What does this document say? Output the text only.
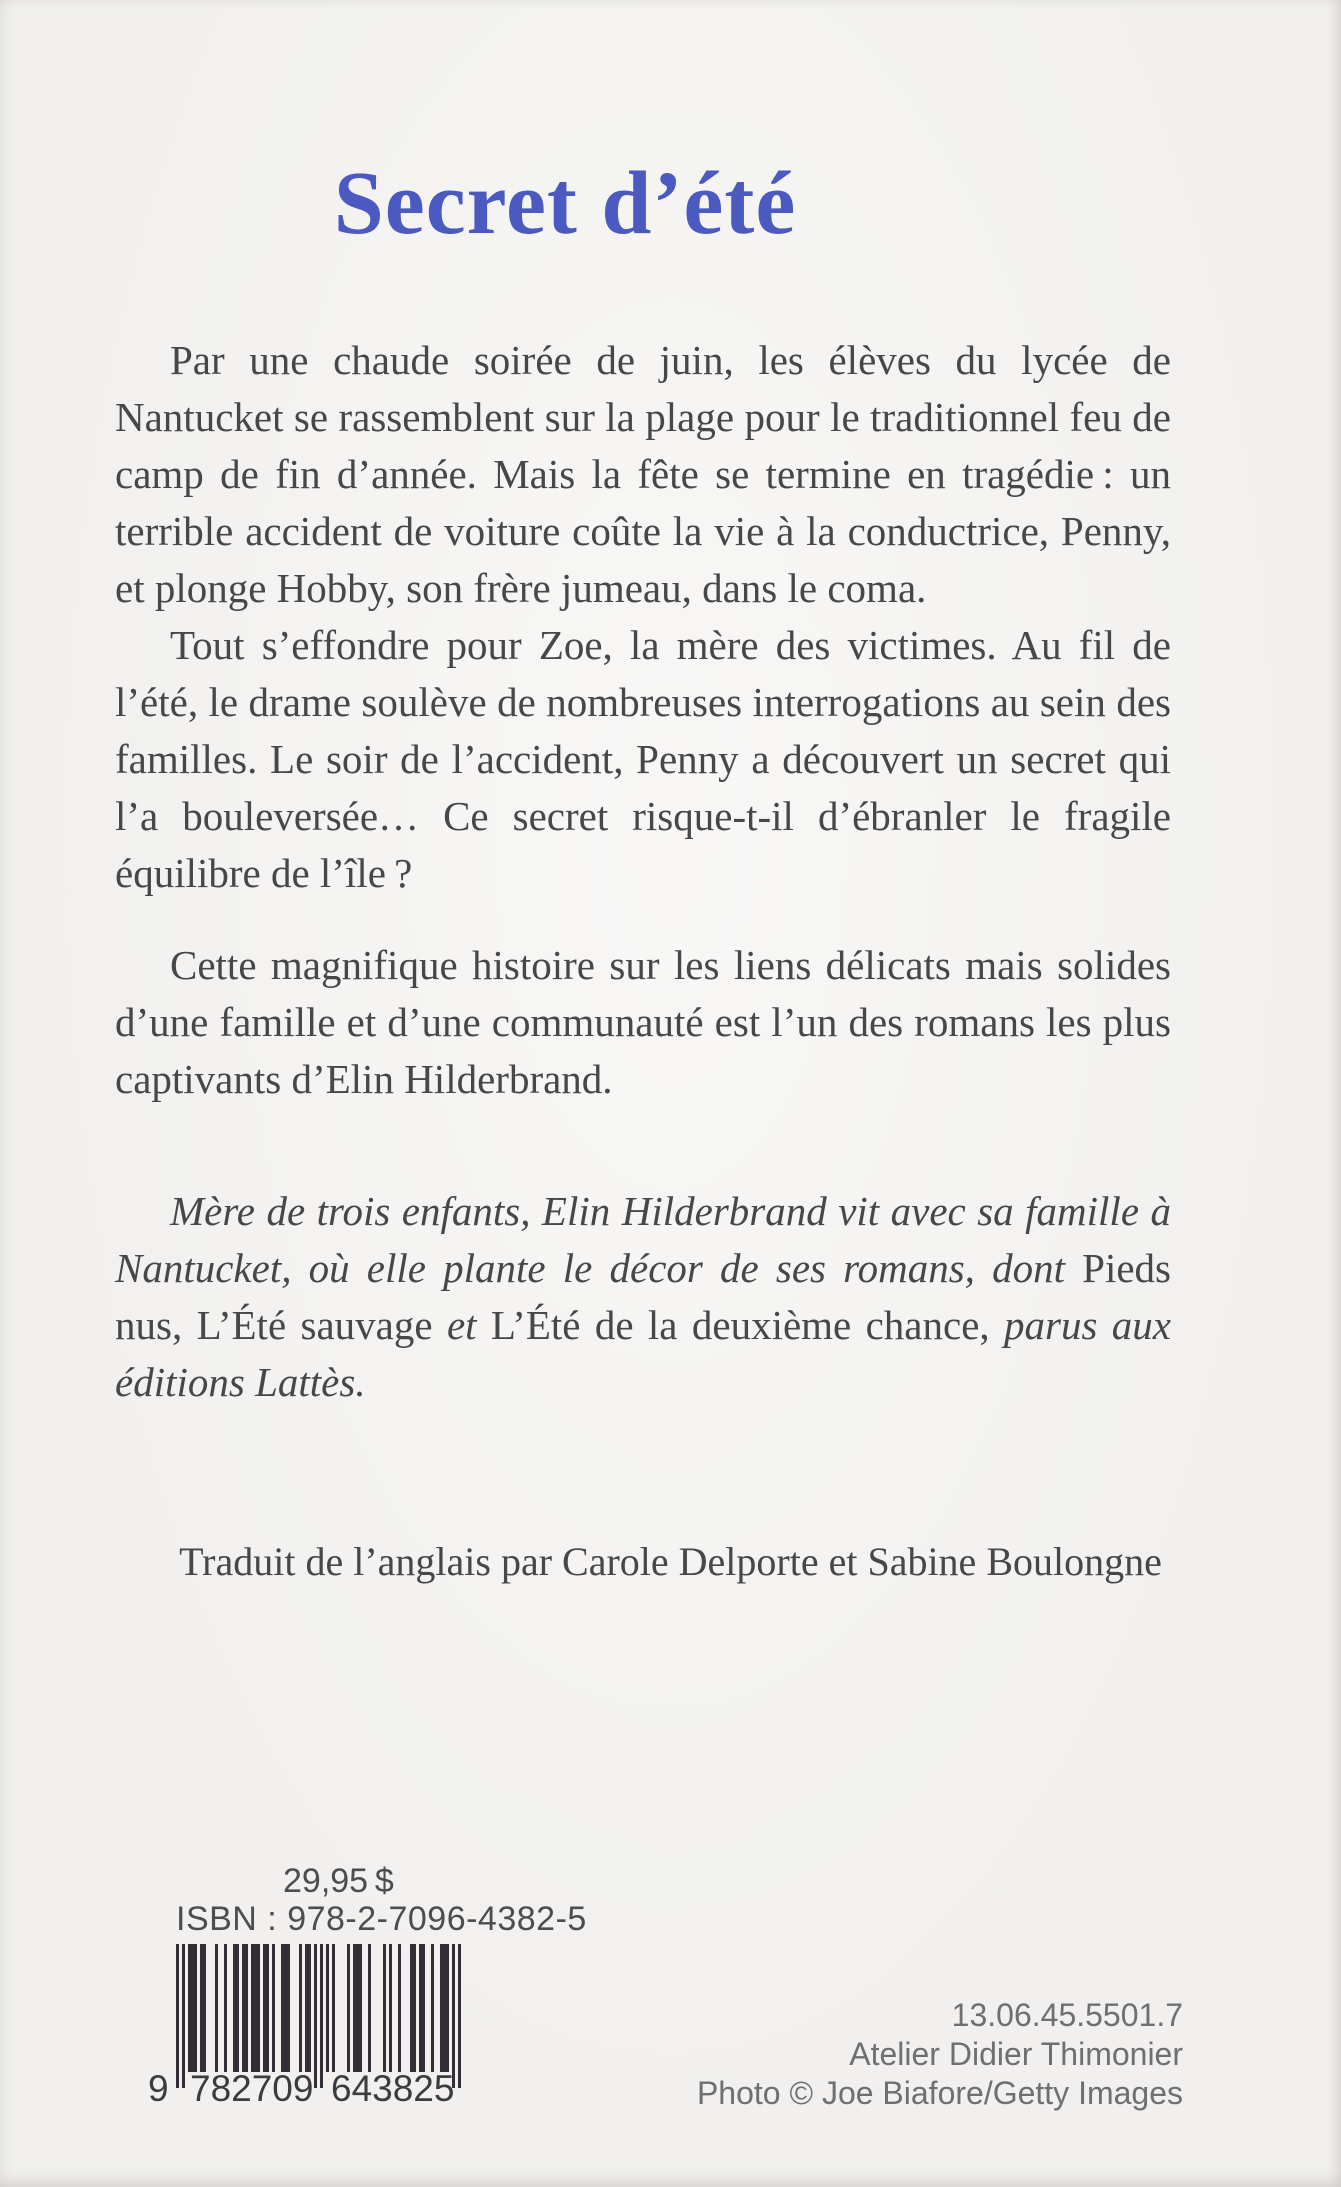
Secret d’été

Par une chaude soirée de juin, les élèves du lycée de Nantucket se rassemblent sur la plage pour le traditionnel feu de camp de fin d’année. Mais la fête se termine en tragédie : un terrible accident de voiture coûte la vie à la conductrice, Penny, et plonge Hobby, son frère jumeau, dans le coma.

Tout s’effondre pour Zoe, la mère des victimes. Au fil de l’été, le drame soulève de nombreuses interrogations au sein des familles. Le soir de l’accident, Penny a découvert un secret qui l’a bouleversée… Ce secret risque-t-il d’ébranler le fragile équilibre de l’île ?

Cette magnifique histoire sur les liens délicats mais solides d’une famille et d’une communauté est l’un des romans les plus captivants d’Elin Hilderbrand.

Mère de trois enfants, Elin Hilderbrand vit avec sa famille à Nantucket, où elle plante le décor de ses romans, dont Pieds nus, L’Été sauvage et L’Été de la deuxième chance, parus aux éditions Lattès.

Traduit de l’anglais par Carole Delporte et Sabine Boulongne
29,95 $
ISBN : 978-2-7096-4382-5
9 782709 643825
13.06.45.5501.7
Atelier Didier Thimonier
Photo © Joe Biafore/Getty Images
